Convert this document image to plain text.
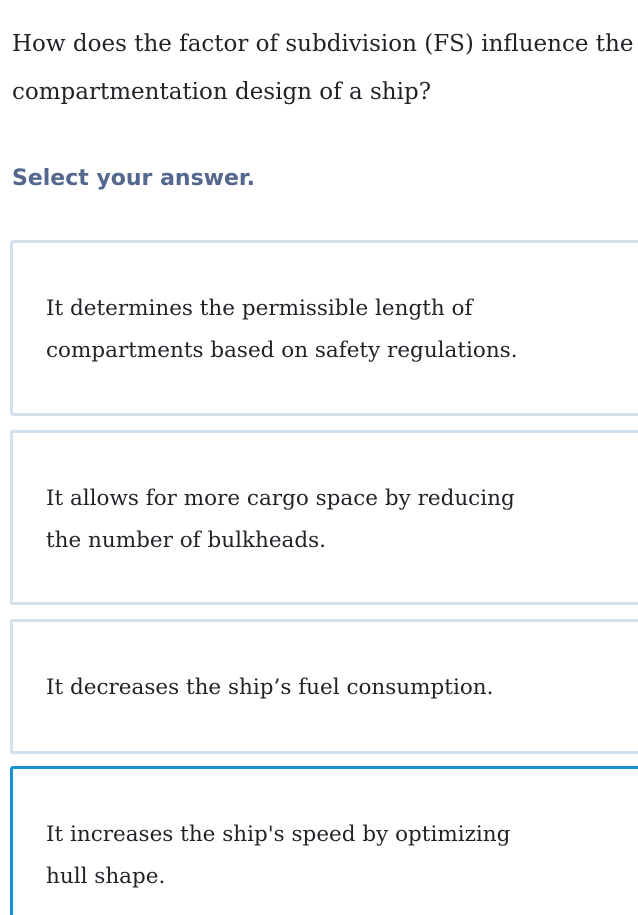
How does the factor of subdivision (FS) influence the
compartmentation design of a ship?

Select your answer.

It determines the permissible length of
compartments based on safety regulations.
It allows for more cargo space by reducing
the number of bulkheads.
It decreases the ship’s fuel consumption.
It increases the ship's speed by optimizing
hull shape.
